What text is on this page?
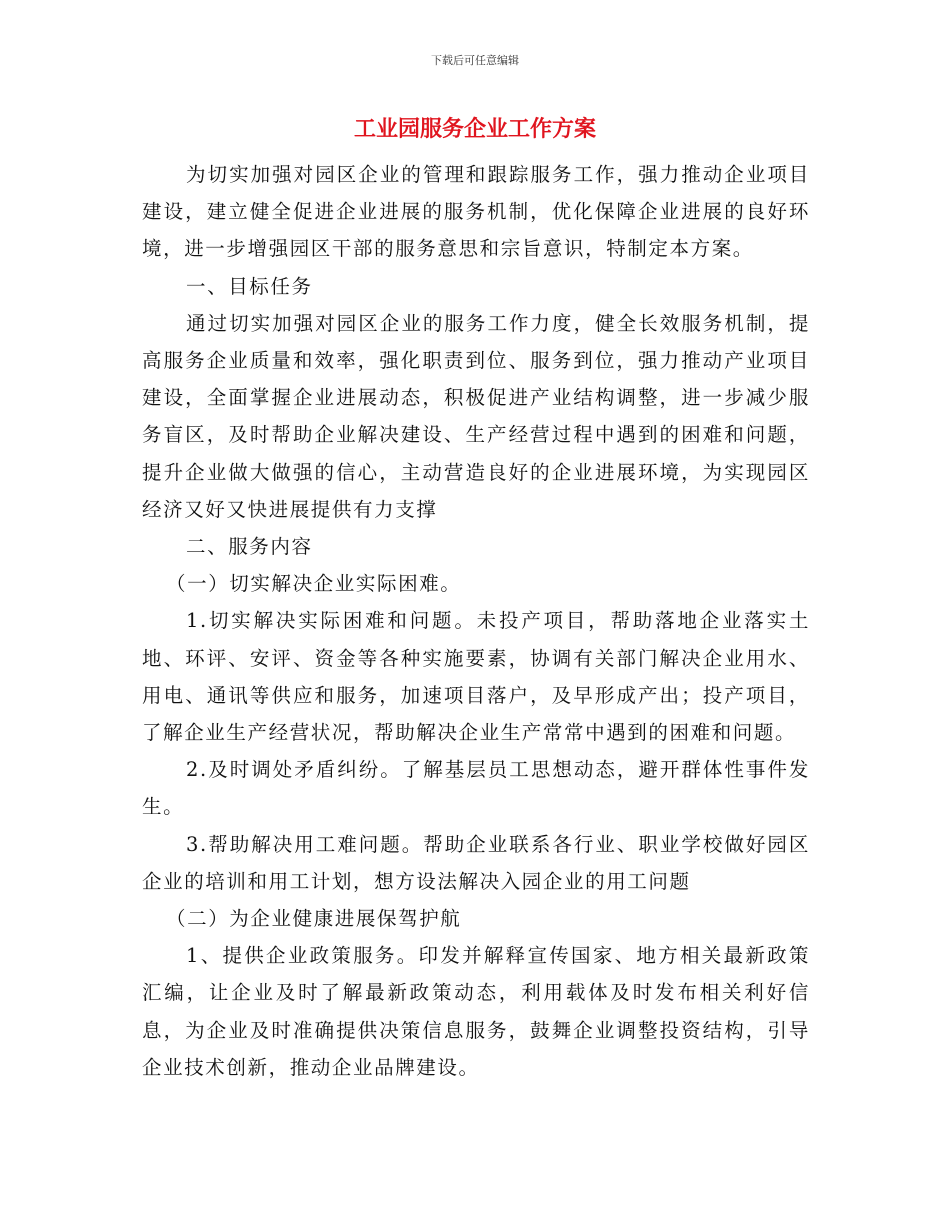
下载后可任意编辑
工业园服务企业工作方案

为切实加强对园区企业的管理和跟踪服务工作，强力推动企业项目建设，建立健全促进企业进展的服务机制，优化保障企业进展的良好环境，进一步增强园区干部的服务意思和宗旨意识，特制定本方案。

一、目标任务

通过切实加强对园区企业的服务工作力度，健全长效服务机制，提高服务企业质量和效率，强化职责到位、服务到位，强力推动产业项目建设，全面掌握企业进展动态，积极促进产业结构调整，进一步减少服务盲区，及时帮助企业解决建设、生产经营过程中遇到的困难和问题，提升企业做大做强的信心，主动营造良好的企业进展环境，为实现园区经济又好又快进展提供有力支撑

二、服务内容

（一）切实解决企业实际困难。

1.切实解决实际困难和问题。未投产项目，帮助落地企业落实土地、环评、安评、资金等各种实施要素，协调有关部门解决企业用水、用电、通讯等供应和服务，加速项目落户，及早形成产出；投产项目，了解企业生产经营状况，帮助解决企业生产常常中遇到的困难和问题。

2.及时调处矛盾纠纷。了解基层员工思想动态，避开群体性事件发生。

3.帮助解决用工难问题。帮助企业联系各行业、职业学校做好园区企业的培训和用工计划，想方设法解决入园企业的用工问题

（二）为企业健康进展保驾护航

1、提供企业政策服务。印发并解释宣传国家、地方相关最新政策汇编，让企业及时了解最新政策动态，利用载体及时发布相关利好信息，为企业及时准确提供决策信息服务，鼓舞企业调整投资结构，引导企业技术创新，推动企业品牌建设。
